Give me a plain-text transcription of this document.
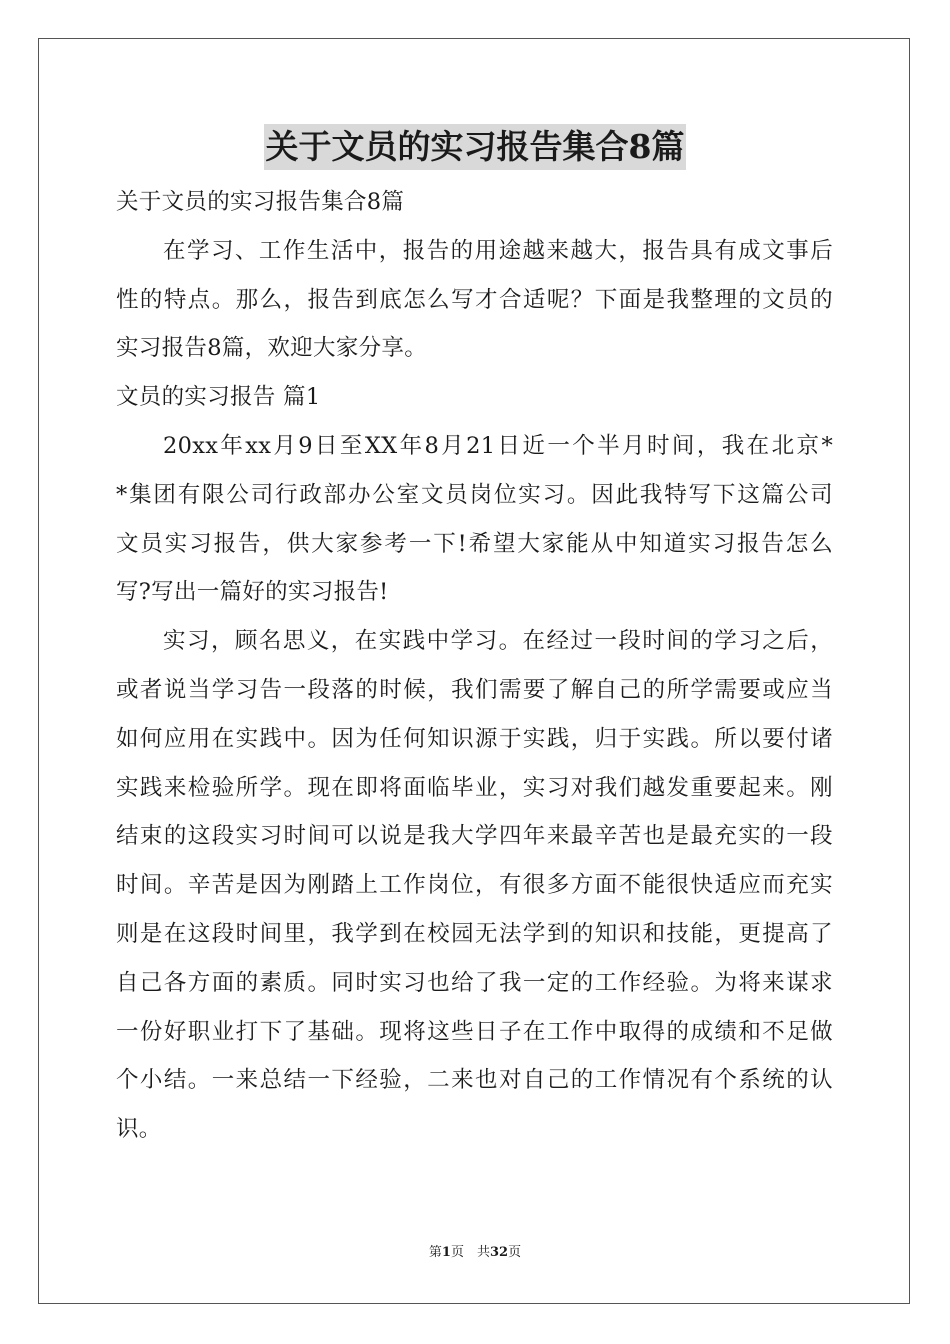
关于文员的实习报告集合8篇
关于文员的实习报告集合8篇
在学习、工作生活中，报告的用途越来越大，报告具有成文事后
性的特点。那么，报告到底怎么写才合适呢？下面是我整理的文员的
实习报告8篇，欢迎大家分享。
文员的实习报告 篇1
20xx年xx月9日至XX年8月21日近一个半月时间，我在北京*
*集团有限公司行政部办公室文员岗位实习。因此我特写下这篇公司
文员实习报告，供大家参考一下!希望大家能从中知道实习报告怎么
写?写出一篇好的实习报告!
实习，顾名思义，在实践中学习。在经过一段时间的学习之后，
或者说当学习告一段落的时候，我们需要了解自己的所学需要或应当
如何应用在实践中。因为任何知识源于实践，归于实践。所以要付诸
实践来检验所学。现在即将面临毕业，实习对我们越发重要起来。刚
结束的这段实习时间可以说是我大学四年来最辛苦也是最充实的一段
时间。辛苦是因为刚踏上工作岗位，有很多方面不能很快适应而充实
则是在这段时间里，我学到在校园无法学到的知识和技能，更提高了
自己各方面的素质。同时实习也给了我一定的工作经验。为将来谋求
一份好职业打下了基础。现将这些日子在工作中取得的成绩和不足做
个小结。一来总结一下经验，二来也对自己的工作情况有个系统的认
识。
第1页　共32页
